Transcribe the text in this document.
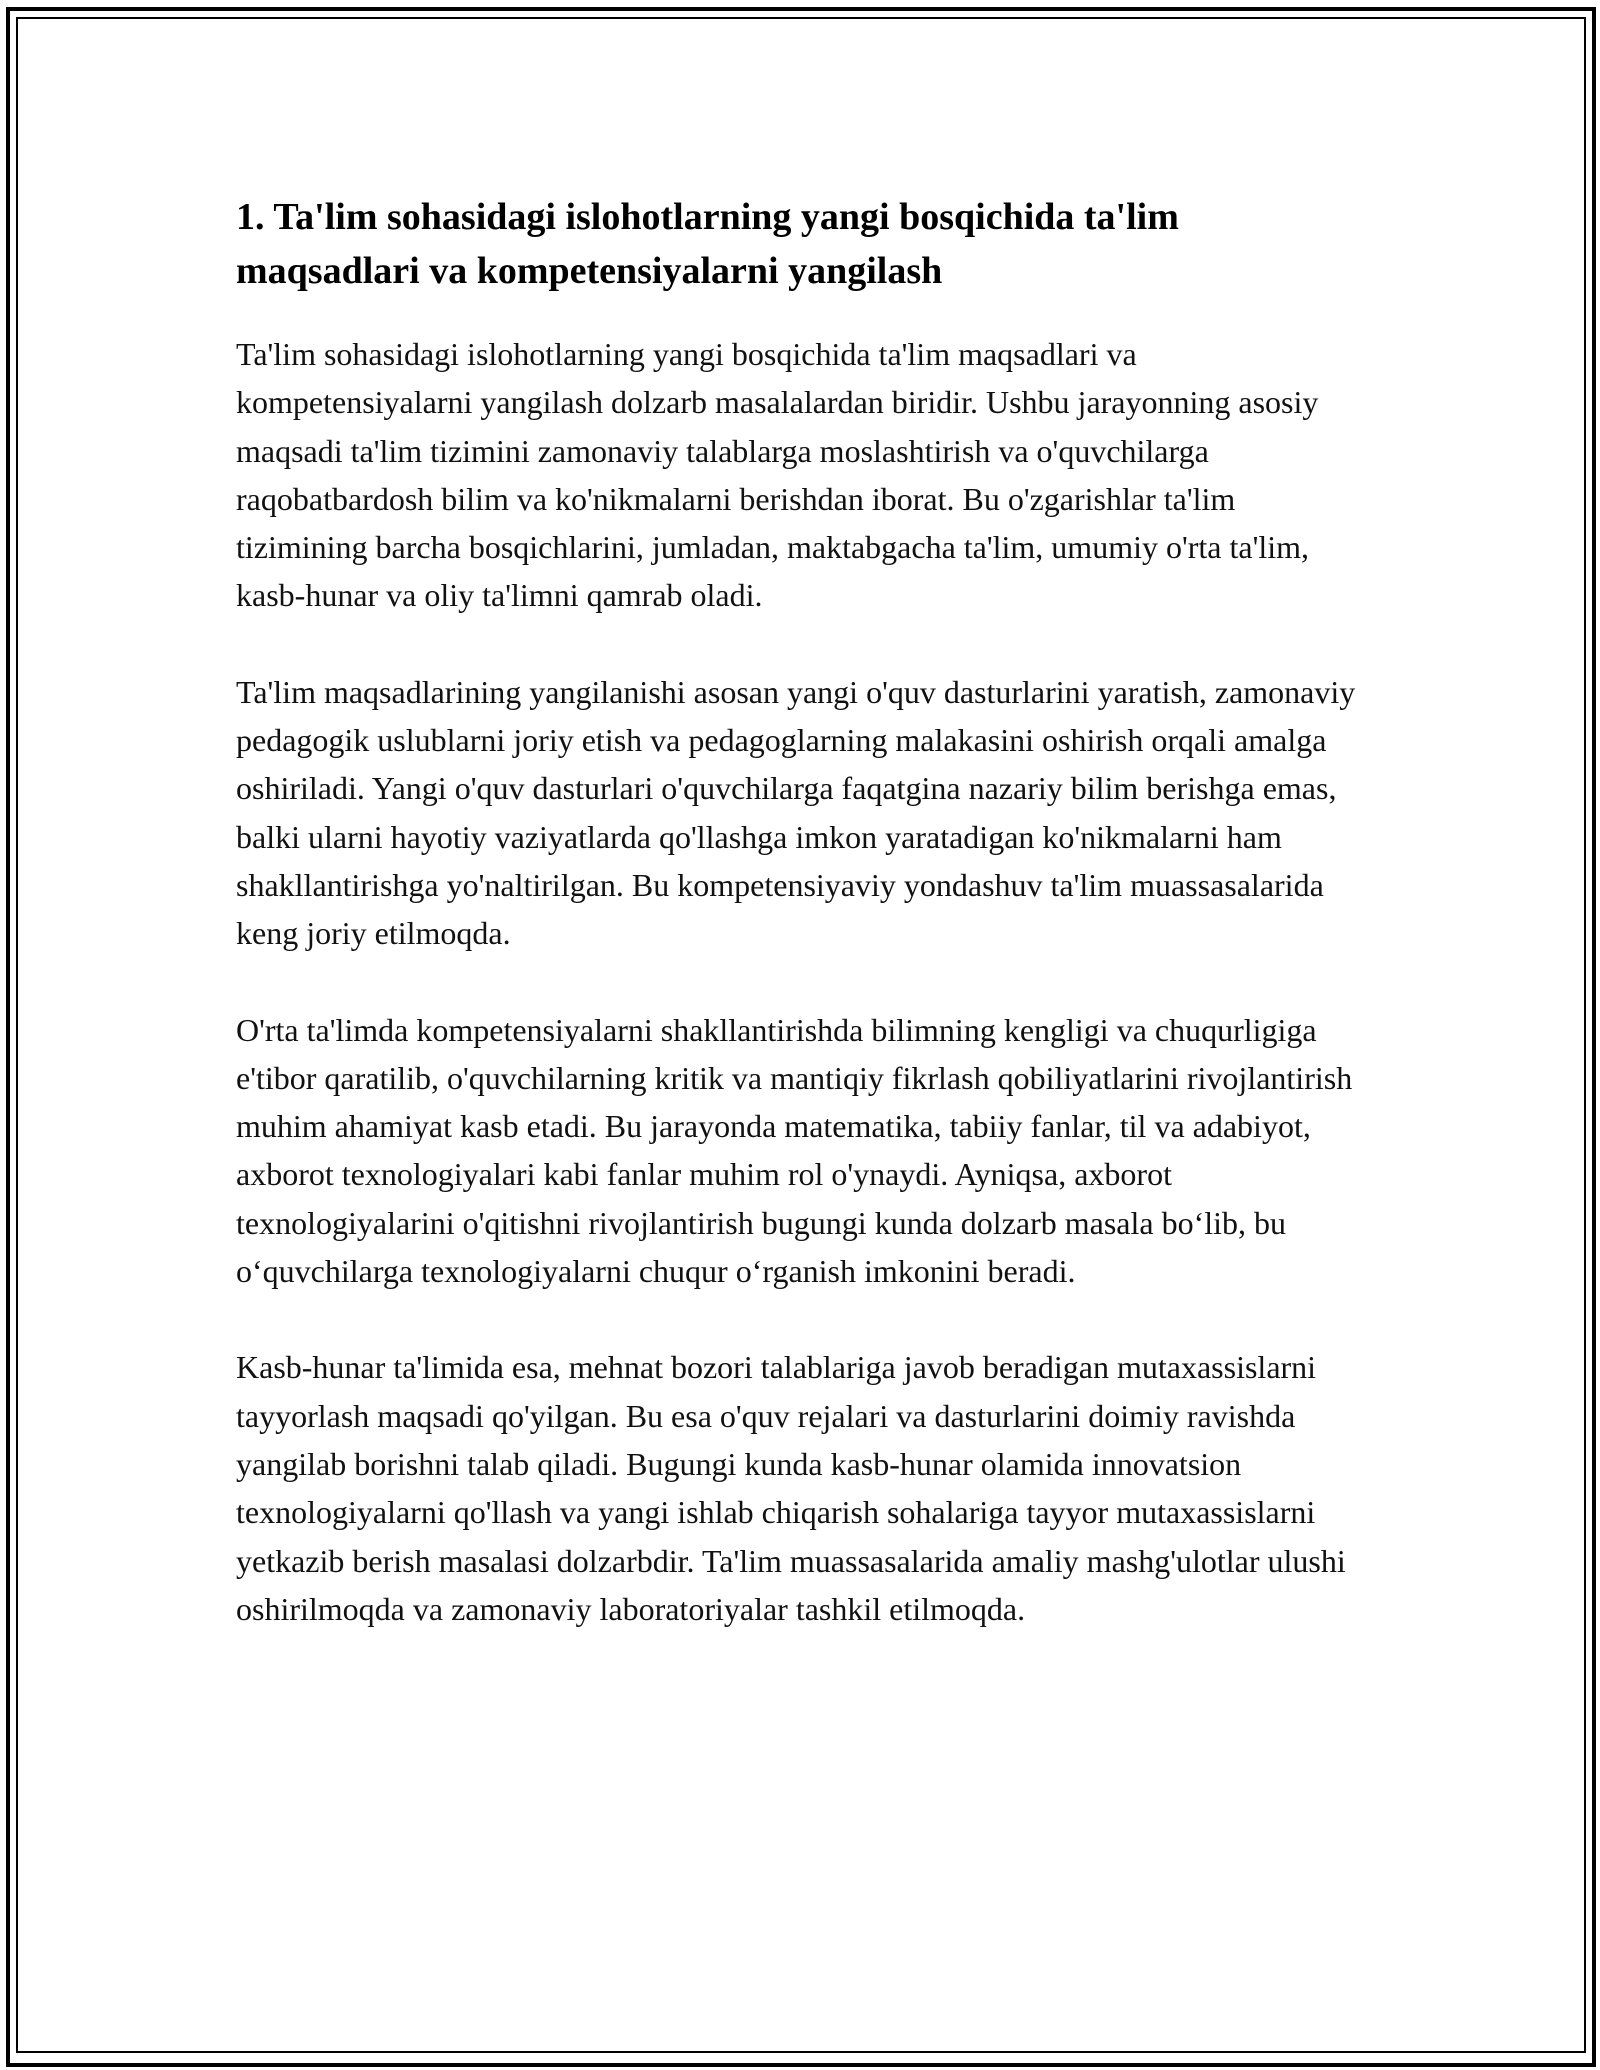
1. Ta'lim sohasidagi islohotlarning yangi bosqichida ta'lim maqsadlari va kompetensiyalarni yangilash

Ta'lim sohasidagi islohotlarning yangi bosqichida ta'lim maqsadlari va kompetensiyalarni yangilash dolzarb masalalardan biridir. Ushbu jarayonning asosiy maqsadi ta'lim tizimini zamonaviy talablarga moslashtirish va o'quvchilarga raqobatbardosh bilim va ko'nikmalarni berishdan iborat. Bu o'zgarishlar ta'lim tizimining barcha bosqichlarini, jumladan, maktabgacha ta'lim, umumiy o'rta ta'lim, kasb-hunar va oliy ta'limni qamrab oladi.

Ta'lim maqsadlarining yangilanishi asosan yangi o'quv dasturlarini yaratish, zamonaviy pedagogik uslublarni joriy etish va pedagoglarning malakasini oshirish orqali amalga oshiriladi. Yangi o'quv dasturlari o'quvchilarga faqatgina nazariy bilim berishga emas, balki ularni hayotiy vaziyatlarda qo'llashga imkon yaratadigan ko'nikmalarni ham shakllantirishga yo'naltirilgan. Bu kompetensiyaviy yondashuv ta'lim muassasalarida keng joriy etilmoqda.

O'rta ta'limda kompetensiyalarni shakllantirishda bilimning kengligi va chuqurligiga e'tibor qaratilib, o'quvchilarning kritik va mantiqiy fikrlash qobiliyatlarini rivojlantirish muhim ahamiyat kasb etadi. Bu jarayonda matematika, tabiiy fanlar, til va adabiyot, axborot texnologiyalari kabi fanlar muhim rol o'ynaydi. Ayniqsa, axborot texnologiyalarini o'qitishni rivojlantirish bugungi kunda dolzarb masala bo‘lib, bu o‘quvchilarga texnologiyalarni chuqur o‘rganish imkonini beradi.

Kasb-hunar ta'limida esa, mehnat bozori talablariga javob beradigan mutaxassislarni tayyorlash maqsadi qo'yilgan. Bu esa o'quv rejalari va dasturlarini doimiy ravishda yangilab borishni talab qiladi. Bugungi kunda kasb-hunar olamida innovatsion texnologiyalarni qo'llash va yangi ishlab chiqarish sohalariga tayyor mutaxassislarni yetkazib berish masalasi dolzarbdir. Ta'lim muassasalarida amaliy mashg'ulotlar ulushi oshirilmoqda va zamonaviy laboratoriyalar tashkil etilmoqda.
